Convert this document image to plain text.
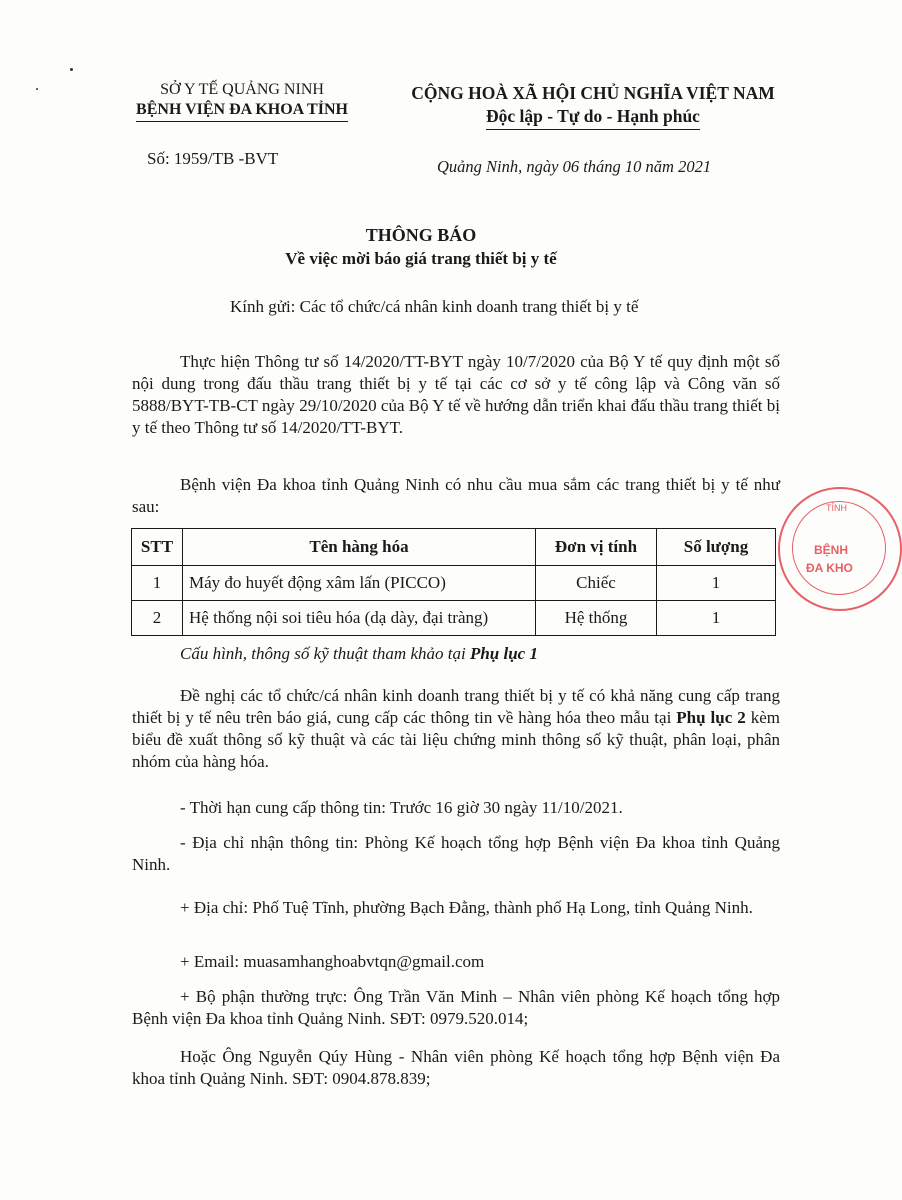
SỞ Y TẾ QUẢNG NINH
BỆNH VIỆN ĐA KHOA TỈNH
CỘNG HOÀ XÃ HỘI CHỦ NGHĨA VIỆT NAM
Độc lập - Tự do - Hạnh phúc
Số: 1959/TB -BVT	Quảng Ninh, ngày 06 tháng 10 năm 2021
THÔNG BÁO
Về việc mời báo giá trang thiết bị y tế
Kính gửi: Các tổ chức/cá nhân kinh doanh trang thiết bị y tế
Thực hiện Thông tư số 14/2020/TT-BYT ngày 10/7/2020 của Bộ Y tế quy định một số nội dung trong đấu thầu trang thiết bị y tế tại các cơ sở y tế công lập và Công văn số 5888/BYT-TB-CT ngày 29/10/2020 của Bộ Y tế về hướng dẫn triển khai đấu thầu trang thiết bị y tế theo Thông tư số 14/2020/TT-BYT.
Bệnh viện Đa khoa tỉnh Quảng Ninh có nhu cầu mua sắm các trang thiết bị y tế như sau:
STT	Tên hàng hóa	Đơn vị tính	Số lượng
1	Máy đo huyết động xâm lấn (PICCO)	Chiếc	1
2	Hệ thống nội soi tiêu hóa (dạ dày, đại tràng)	Hệ thống	1
Cấu hình, thông số kỹ thuật tham khảo tại Phụ lục 1
Đề nghị các tổ chức/cá nhân kinh doanh trang thiết bị y tế có khả năng cung cấp trang thiết bị y tế nêu trên báo giá, cung cấp các thông tin về hàng hóa theo mẫu tại Phụ lục 2 kèm biểu đề xuất thông số kỹ thuật và các tài liệu chứng minh thông số kỹ thuật, phân loại, phân nhóm của hàng hóa.
- Thời hạn cung cấp thông tin: Trước 16 giờ 30 ngày 11/10/2021.
- Địa chỉ nhận thông tin: Phòng Kế hoạch tổng hợp Bệnh viện Đa khoa tỉnh Quảng Ninh.
+ Địa chỉ: Phố Tuệ Tĩnh, phường Bạch Đằng, thành phố Hạ Long, tỉnh Quảng Ninh.
+ Email: muasamhanghoabvtqn@gmail.com
+ Bộ phận thường trực: Ông Trần Văn Minh – Nhân viên phòng Kế hoạch tổng hợp Bệnh viện Đa khoa tỉnh Quảng Ninh. SĐT: 0979.520.014;
Hoặc Ông Nguyễn Qúy Hùng - Nhân viên phòng Kế hoạch tổng hợp Bệnh viện Đa khoa tỉnh Quảng Ninh. SĐT: 0904.878.839;
TỈNH
BỆNH
ĐA KHO
